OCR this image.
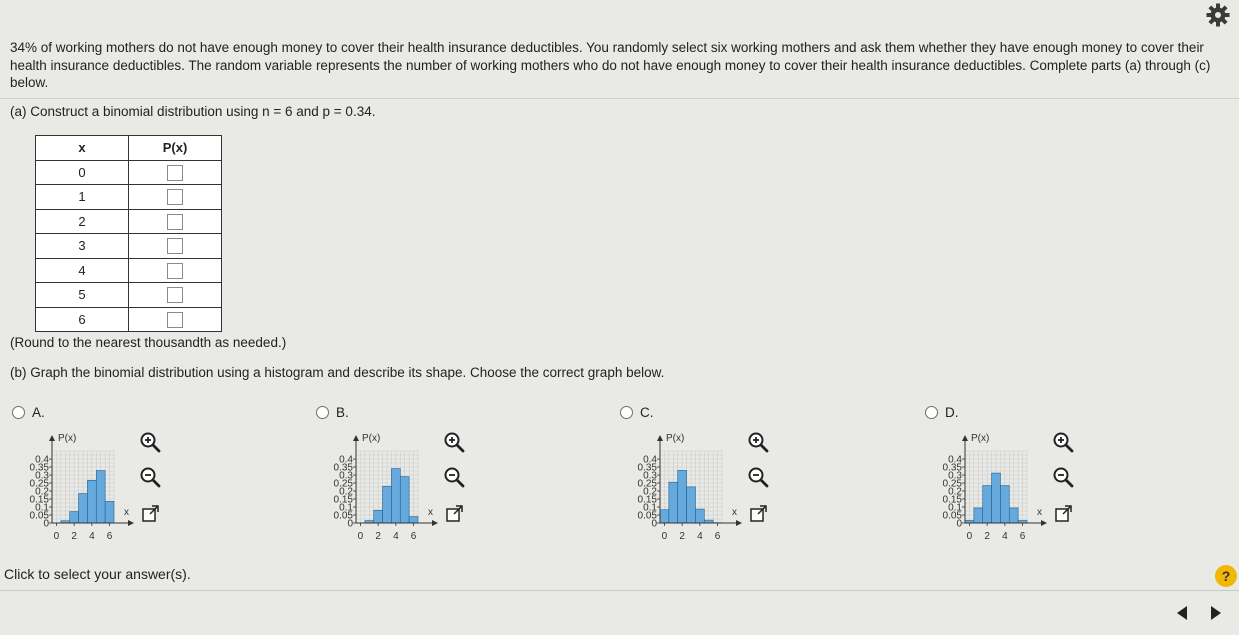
34% of working mothers do not have enough money to cover their health insurance deductibles. You randomly select six working mothers and ask them whether they have enough money to cover their health insurance deductibles. The random variable represents the number of working mothers who do not have enough money to cover their health insurance deductibles. Complete parts (a) through (c) below.
(a) Construct a binomial distribution using n = 6 and p = 0.34.
x	P(x)
0	
1	
2	
3	
4	
5	
6	
(Round to the nearest thousandth as needed.)
(b) Graph the binomial distribution using a histogram and describe its shape. Choose the correct graph below.
A.
0
0.05
0.1
0.15
0.2
0.25
0.3
0.35
0.4
0 2 4 6
P(x)
x
B.
0
0.05
0.1
0.15
0.2
0.25
0.3
0.35
0.4
0 2 4 6
P(x)
x
C.
0
0.05
0.1
0.15
0.2
0.25
0.3
0.35
0.4
0 2 4 6
P(x)
x
D.
0
0.05
0.1
0.15
0.2
0.25
0.3
0.35
0.4
0 2 4 6
P(x)
x
Click to select your answer(s).	?
